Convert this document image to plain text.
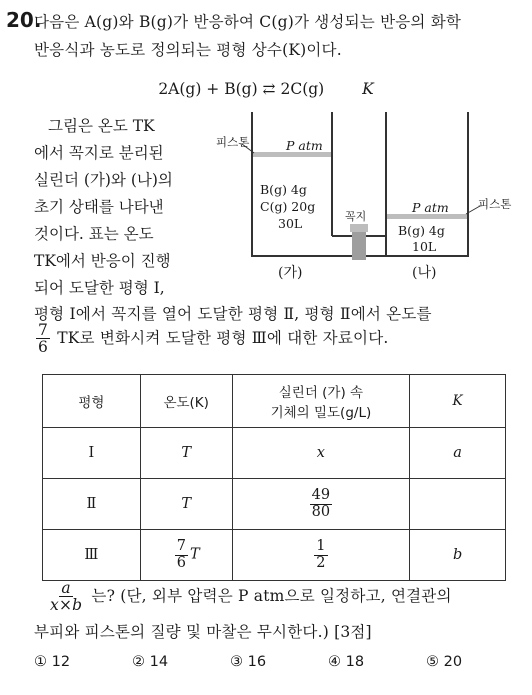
20.
다음은 A(g)와 B(g)가 반응하여 C(g)가 생성되는 반응의 화학
반응식과 농도로 정의되는 평형 상수(K)이다.
2A(g) + B(g) ⇄ 2C(g) K
그림은 온도 TK
에서 꼭지로 분리된
실린더 (가)와 (나)의
초기 상태를 나타낸
것이다. 표는 온도
TK에서 반응이 진행
되어 도달한 평형 Ⅰ,
평형 Ⅰ에서 꼭지를 열어 도달한 평형 Ⅱ, 평형 Ⅱ에서 온도를
$\frac{7}{6}$ TK로 변화시켜 도달한 평형 Ⅲ에 대한 자료이다.
피스톤	P atm
B(g) 4g
C(g) 20g
30L	꼭지
P atm	피스톤
B(g) 4g
10L
(가)	(나)
평형	온도(K)	실린더 (가) 속
기체의 밀도(g/L)	K
Ⅰ	T	x	a
Ⅱ	T	$\frac{49}{80}$

Ⅲ	$\frac{7}{6}$ T	$\frac{1}{2}$	b
$\frac{a}{x\times b}$ 는? (단, 외부 압력은 P atm으로 일정하고, 연결관의
부피와 피스톤의 질량 및 마찰은 무시한다.) [3점]
① 12	② 14	③ 16	④ 18	⑤ 20
